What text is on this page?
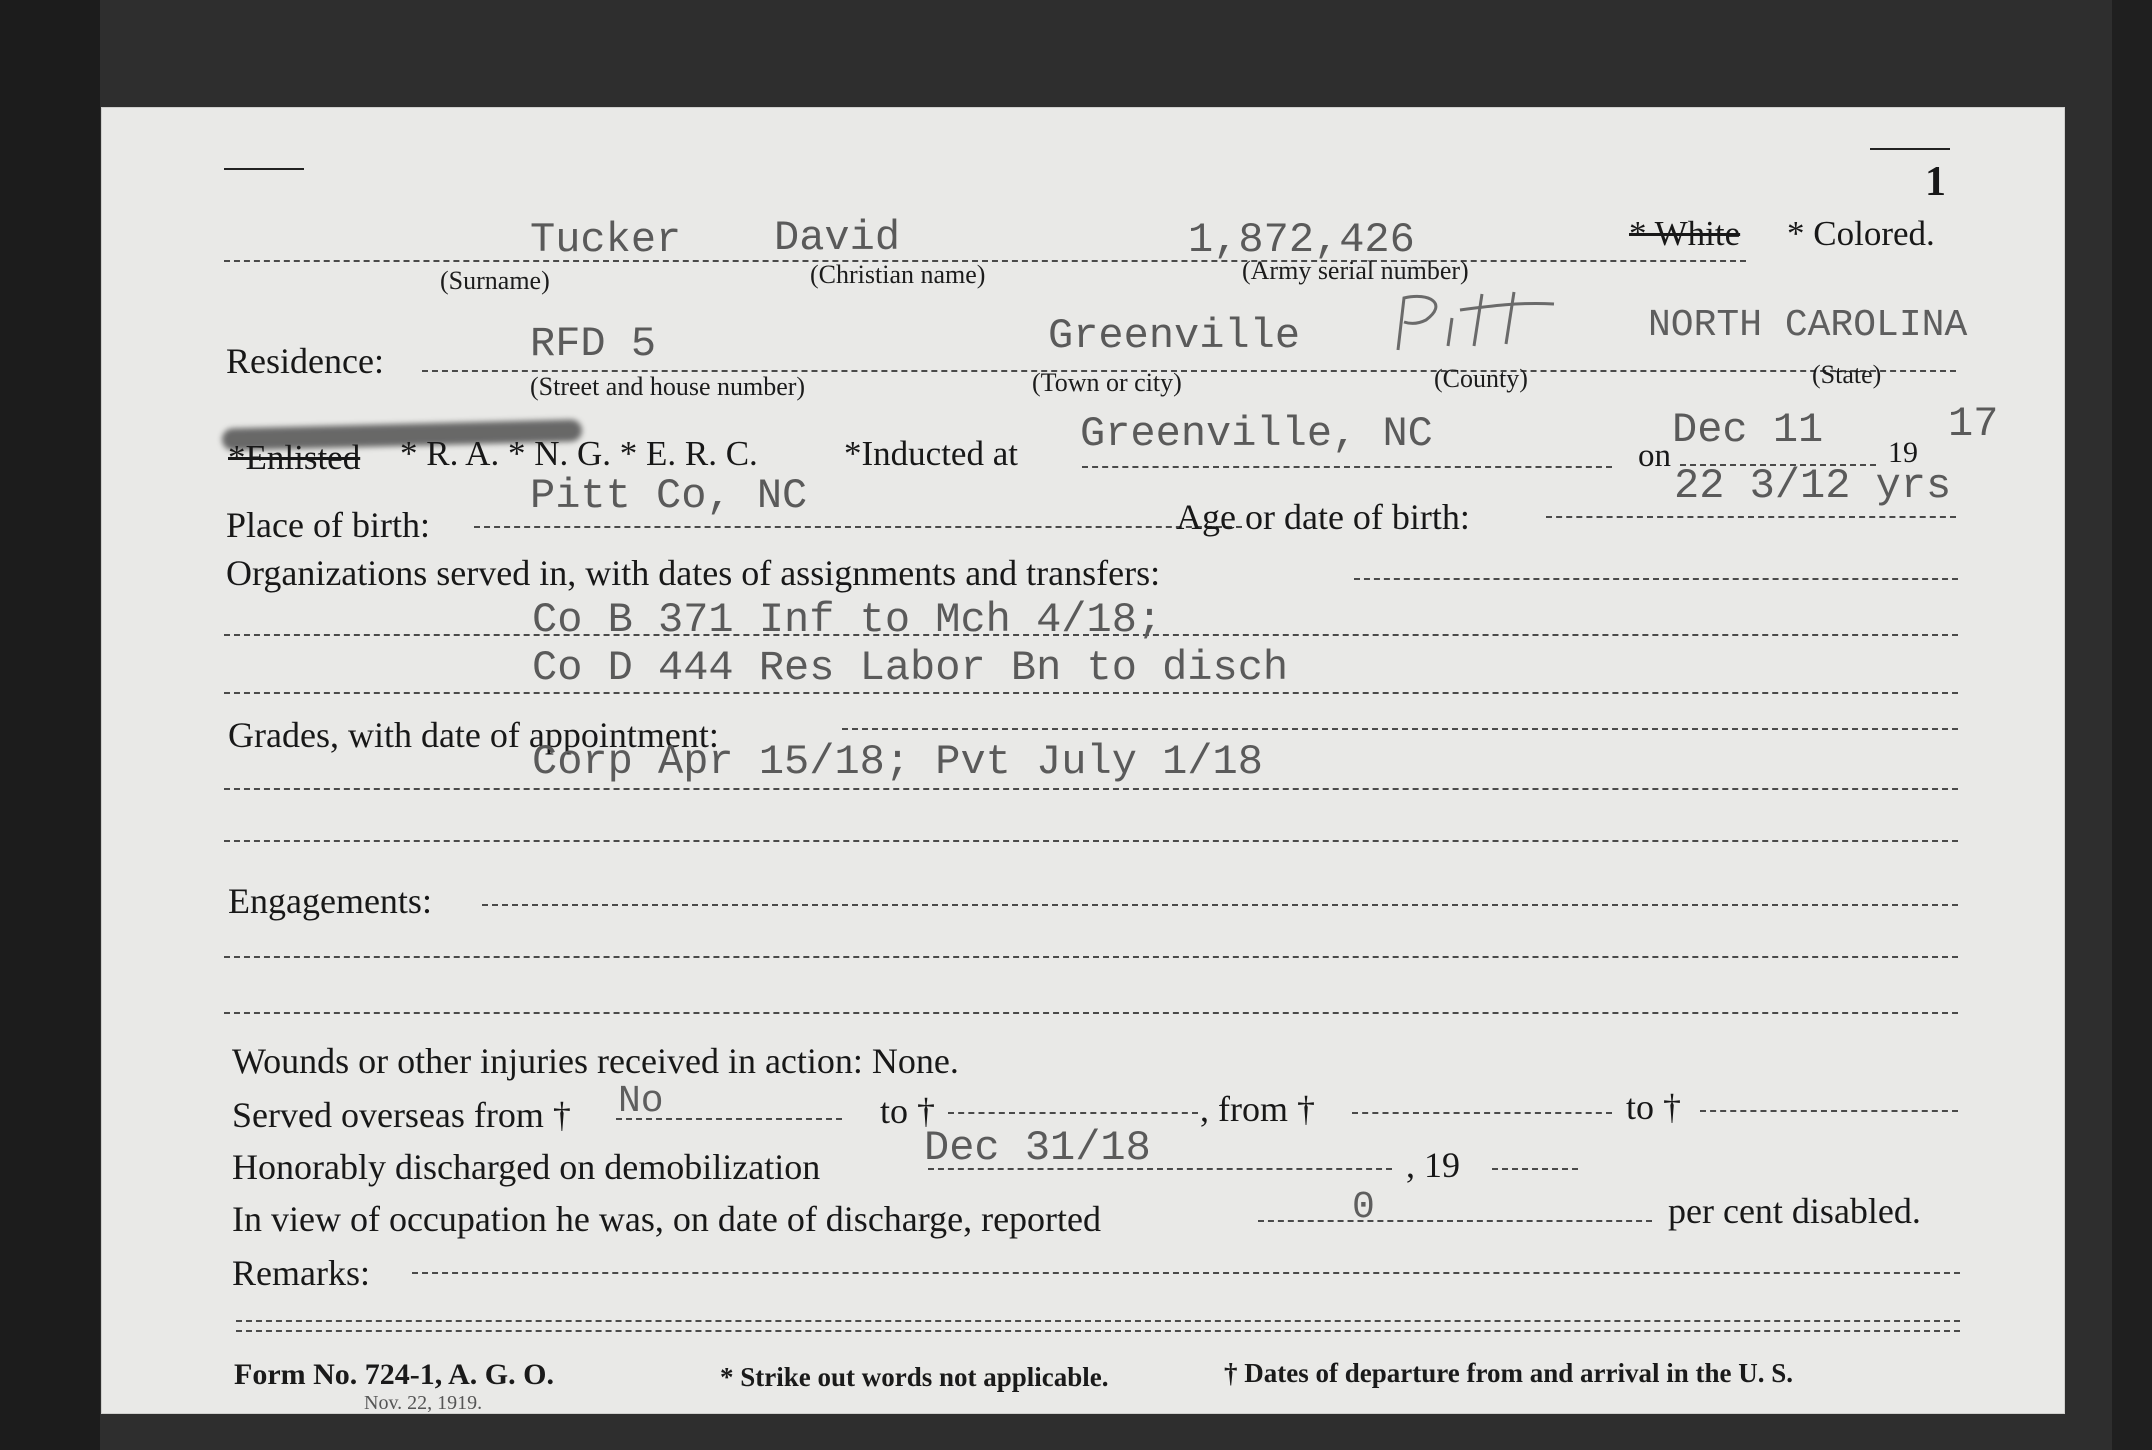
1
Tucker David	1,872,426	* White * Colored.
(Surname)	(Christian name)	(Army serial number)
Residence:	RFD 5	Greenville	NORTH CAROLINA
(Street and house number)	(Town or city)	(County)	(State)
*Enlisted * R. A. * N. G. * E. R. C. *Inducted at Greenville, NC	on
Dec 11 19
17
Place of birth:
Pitt Co, NC	Age or date of birth:
22 3/12 yrs
Organizations served in, with dates of assignments and transfers:
Co B 371 Inf to Mch 4/18;
Co D 444 Res Labor Bn to disch
Grades, with date of appointment:
Corp Apr 15/18; Pvt July 1/18
Engagements:
Wounds or other injuries received in action: None.
Served overseas from † No	to †	, from †	to †
Honorably discharged on demobilization Dec 31/18	, 19
In view of occupation he was, on date of discharge, reported	0	per cent disabled.
Remarks:
Form No. 724-1, A. G. O.
Nov. 22, 1919.
* Strike out words not applicable.	† Dates of departure from and arrival in the U. S.
